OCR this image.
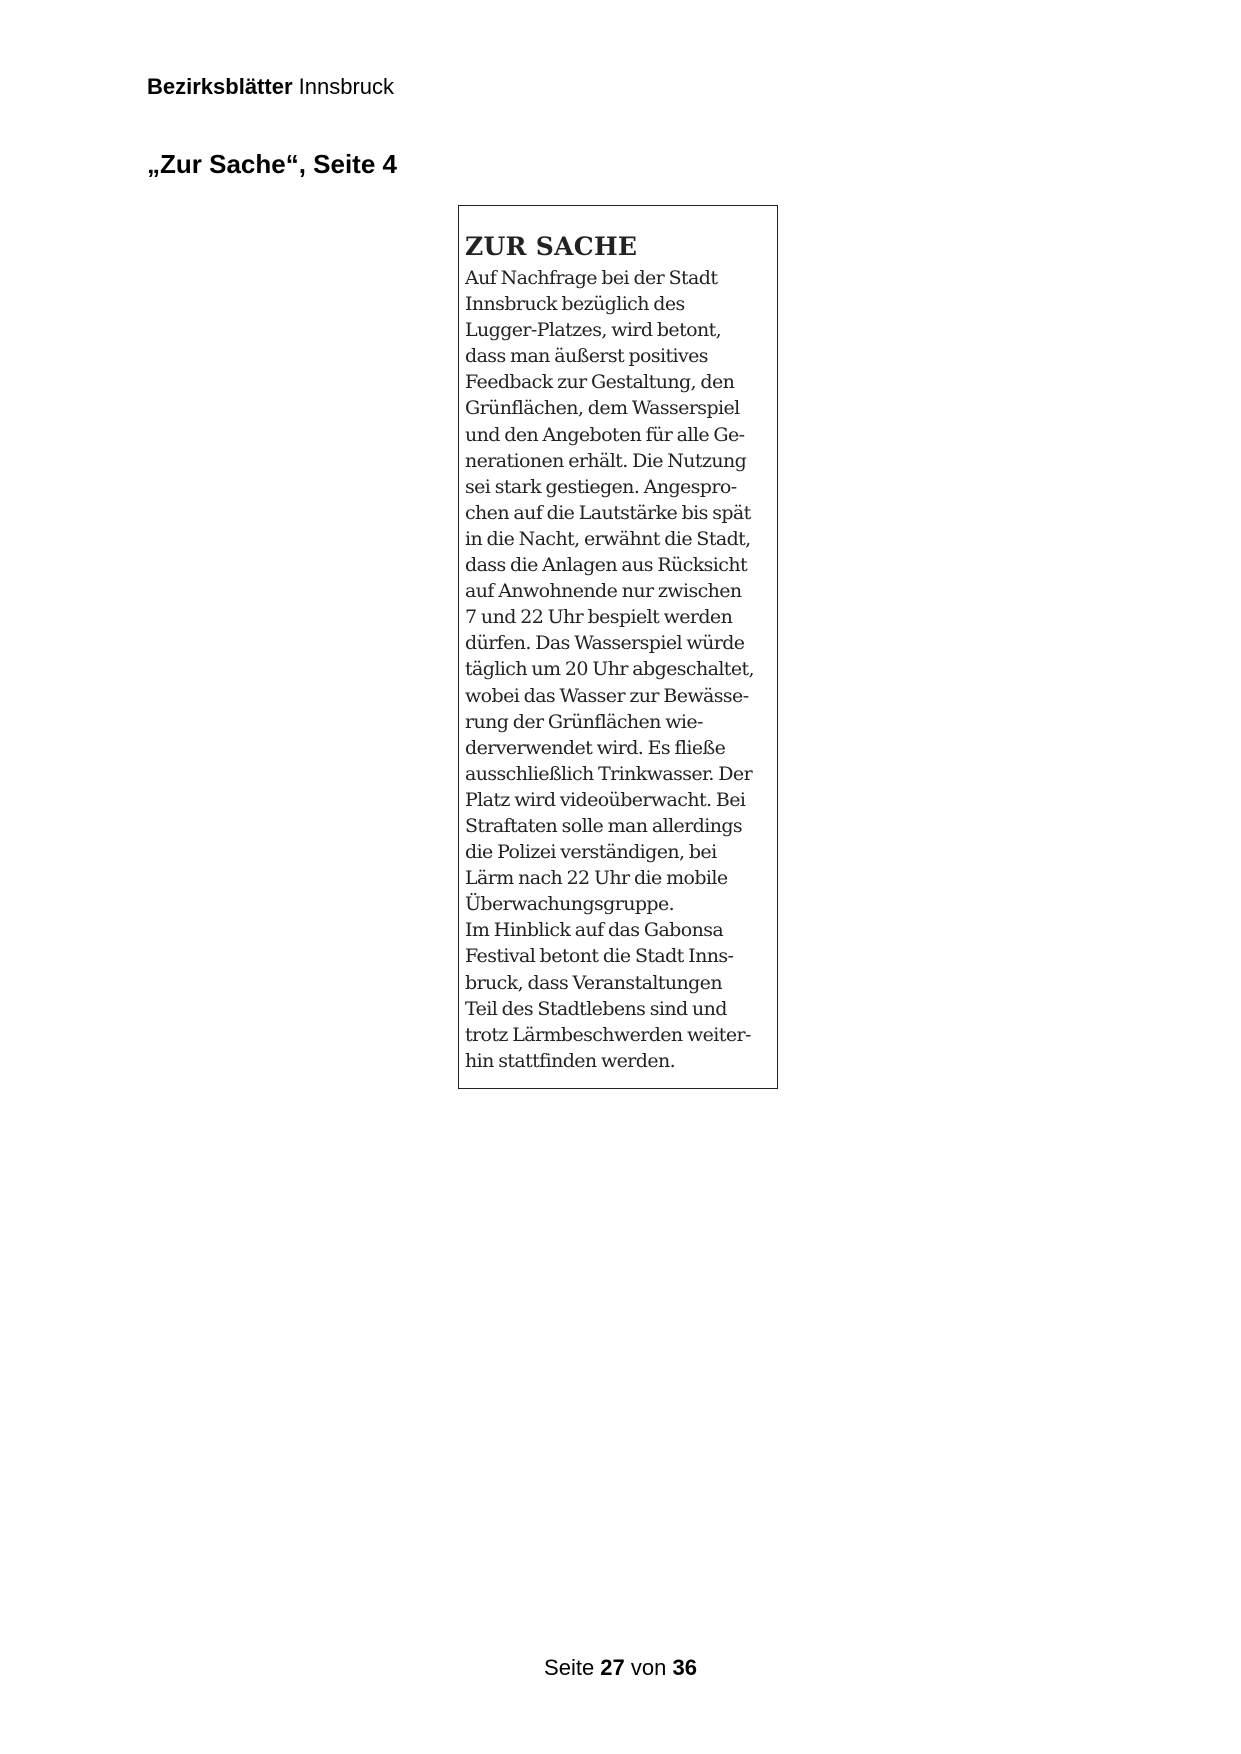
Bezirksblätter Innsbruck
„Zur Sache“, Seite 4
ZUR SACHE
Auf Nachfrage bei der Stadt
Innsbruck bezüglich des
Lugger-Platzes, wird betont,
dass man äußerst positives
Feedback zur Gestaltung, den
Grünflächen, dem Wasserspiel
und den Angeboten für alle Ge-
nerationen erhält. Die Nutzung
sei stark gestiegen. Angespro-
chen auf die Lautstärke bis spät
in die Nacht, erwähnt die Stadt,
dass die Anlagen aus Rücksicht
auf Anwohnende nur zwischen
7 und 22 Uhr bespielt werden
dürfen. Das Wasserspiel würde
täglich um 20 Uhr abgeschaltet,
wobei das Wasser zur Bewässe-
rung der Grünflächen wie-
derverwendet wird. Es fließe
ausschließlich Trinkwasser. Der
Platz wird videoüberwacht. Bei
Straftaten solle man allerdings
die Polizei verständigen, bei
Lärm nach 22 Uhr die mobile
Überwachungsgruppe.
Im Hinblick auf das Gabonsa
Festival betont die Stadt Inns-
bruck, dass Veranstaltungen
Teil des Stadtlebens sind und
trotz Lärmbeschwerden weiter-
hin stattfinden werden.
Seite 27 von 36
